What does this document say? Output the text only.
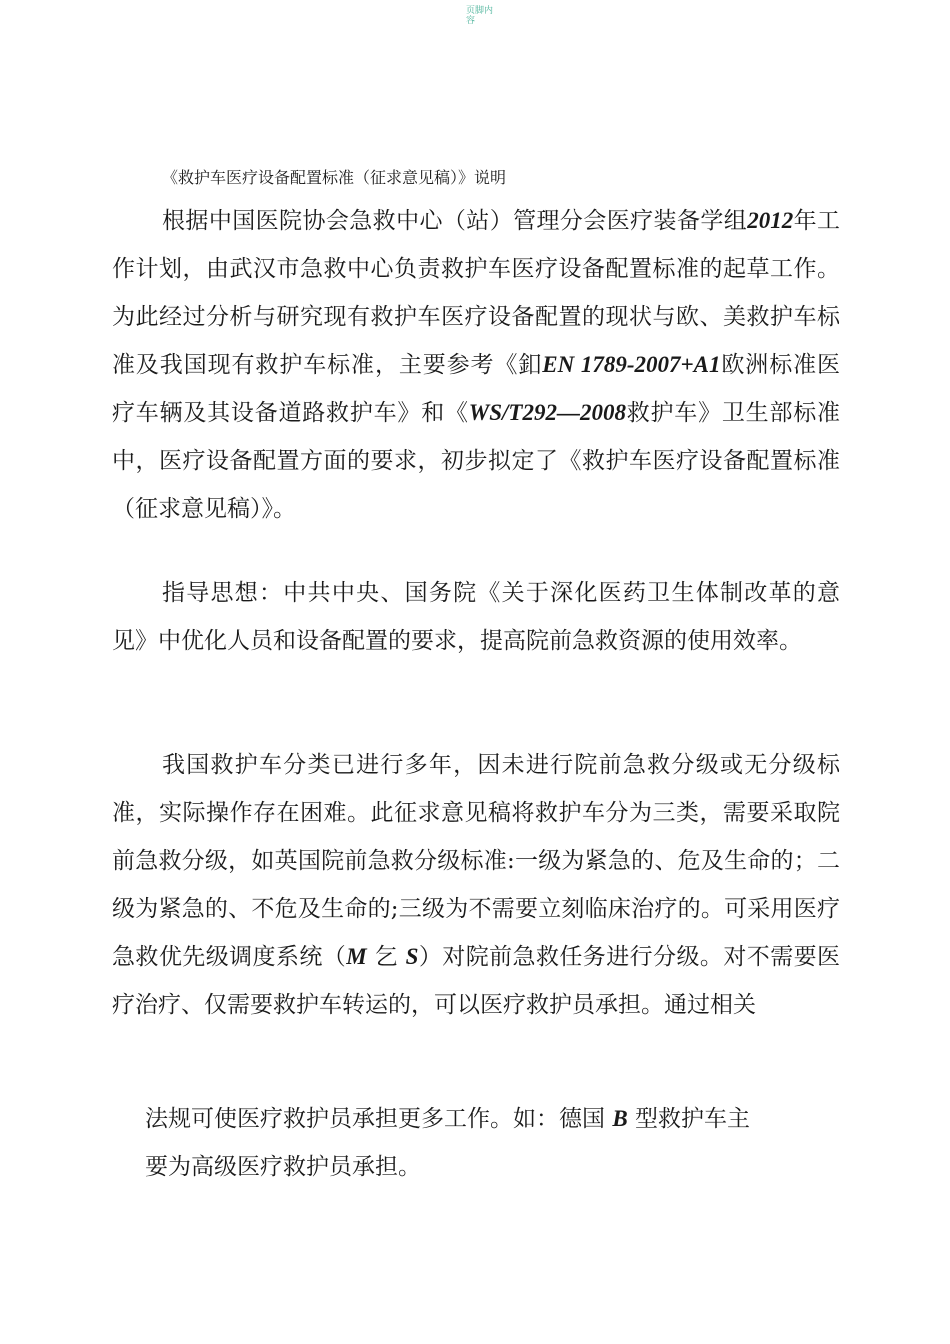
页脚内容
《救护车医疗设备配置标准（征求意见稿）》说明

根据中国医院协会急救中心（站）管理分会医疗装备学组2012年工作计划，由武汉市急救中心负责救护车医疗设备配置标准的起草工作。为此经过分析与研究现有救护车医疗设备配置的现状与欧、美救护车标准及我国现有救护车标准，主要参考《釦EN 1789-2007+A1欧洲标准医疗车辆及其设备道路救护车》和《WS/T292—2008救护车》卫生部标准中，医疗设备配置方面的要求，初步拟定了《救护车医疗设备配置标准（征求意见稿）》。

指导思想：中共中央、国务院《关于深化医药卫生体制改革的意见》中优化人员和设备配置的要求，提高院前急救资源的使用效率。

我国救护车分类已进行多年，因未进行院前急救分级或无分级标准，实际操作存在困难。此征求意见稿将救护车分为三类，需要采取院前急救分级，如英国院前急救分级标准:一级为紧急的、危及生命的；二级为紧急的、不危及生命的;三级为不需要立刻临床治疗的。可采用医疗急救优先级调度系统（M 乞 S）对院前急救任务进行分级。对不需要医疗治疗、仅需要救护车转运的，可以医疗救护员承担。通过相关

法规可使医疗救护员承担更多工作。如：德国 B 型救护车主
要为高级医疗救护员承担。
